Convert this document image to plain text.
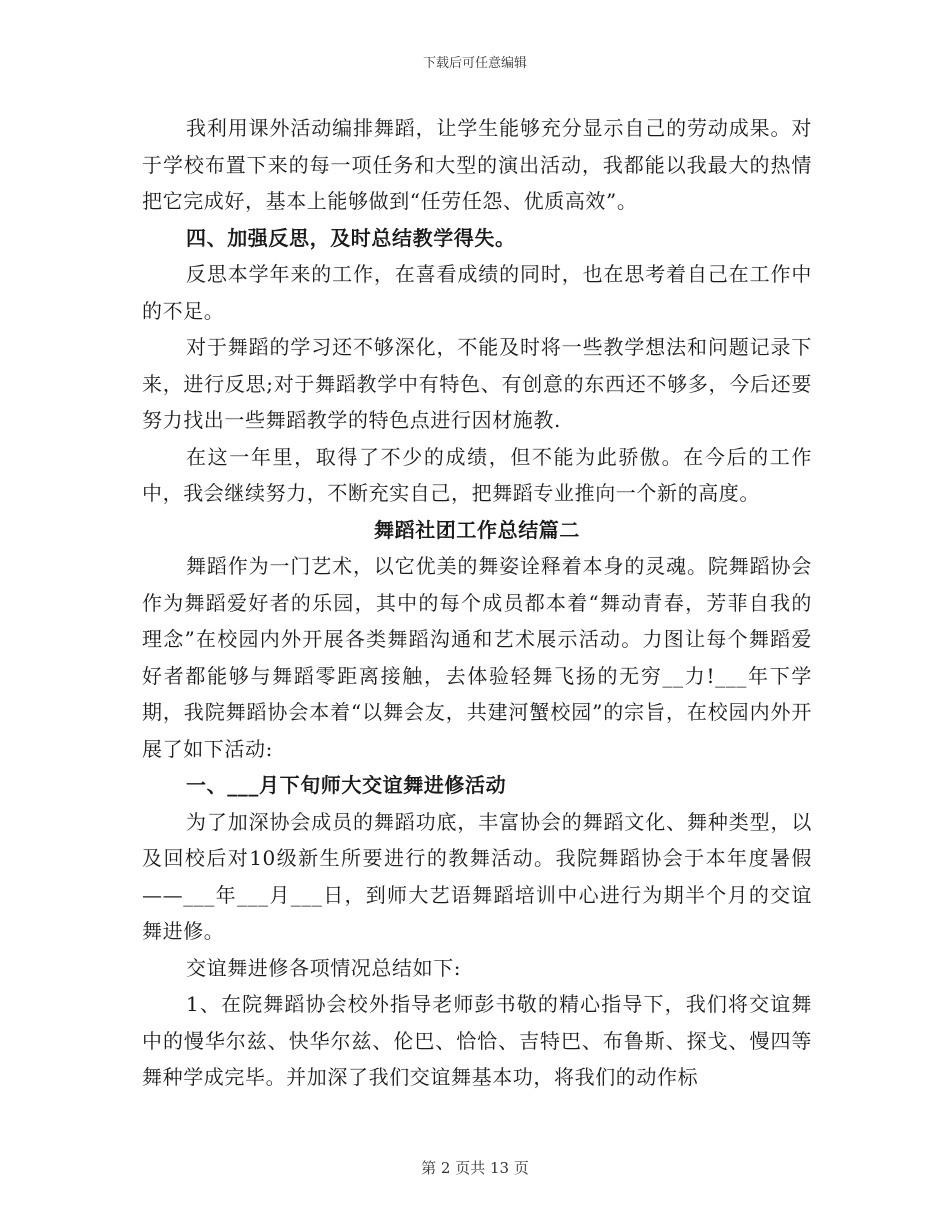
下载后可任意编辑

我利用课外活动编排舞蹈，让学生能够充分显示自己的劳动成果。对于学校布置下来的每一项任务和大型的演出活动，我都能以我最大的热情把它完成好，基本上能够做到“任劳任怨、优质高效”。

四、加强反思，及时总结教学得失。

反思本学年来的工作，在喜看成绩的同时，也在思考着自己在工作中的不足。

对于舞蹈的学习还不够深化，不能及时将一些教学想法和问题记录下来，进行反思;对于舞蹈教学中有特色、有创意的东西还不够多，今后还要努力找出一些舞蹈教学的特色点进行因材施教.

在这一年里，取得了不少的成绩，但不能为此骄傲。在今后的工作中，我会继续努力，不断充实自己，把舞蹈专业推向一个新的高度。

舞蹈社团工作总结篇二

舞蹈作为一门艺术，以它优美的舞姿诠释着本身的灵魂。院舞蹈协会作为舞蹈爱好者的乐园，其中的每个成员都本着“舞动青春，芳菲自我的理念”在校园内外开展各类舞蹈沟通和艺术展示活动。力图让每个舞蹈爱好者都能够与舞蹈零距离接触，去体验轻舞飞扬的无穷__力!___年下学期，我院舞蹈协会本着“以舞会友，共建河蟹校园”的宗旨，在校园内外开展了如下活动:

一、___月下旬师大交谊舞进修活动

为了加深协会成员的舞蹈功底，丰富协会的舞蹈文化、舞种类型，以及回校后对10级新生所要进行的教舞活动。我院舞蹈协会于本年度暑假——___年___月___日，到师大艺语舞蹈培训中心进行为期半个月的交谊舞进修。

交谊舞进修各项情况总结如下:

1、在院舞蹈协会校外指导老师彭书敬的精心指导下，我们将交谊舞中的慢华尔兹、快华尔兹、伦巴、恰恰、吉特巴、布鲁斯、探戈、慢四等舞种学成完毕。并加深了我们交谊舞基本功，将我们的动作标

第 2 页共 13 页
